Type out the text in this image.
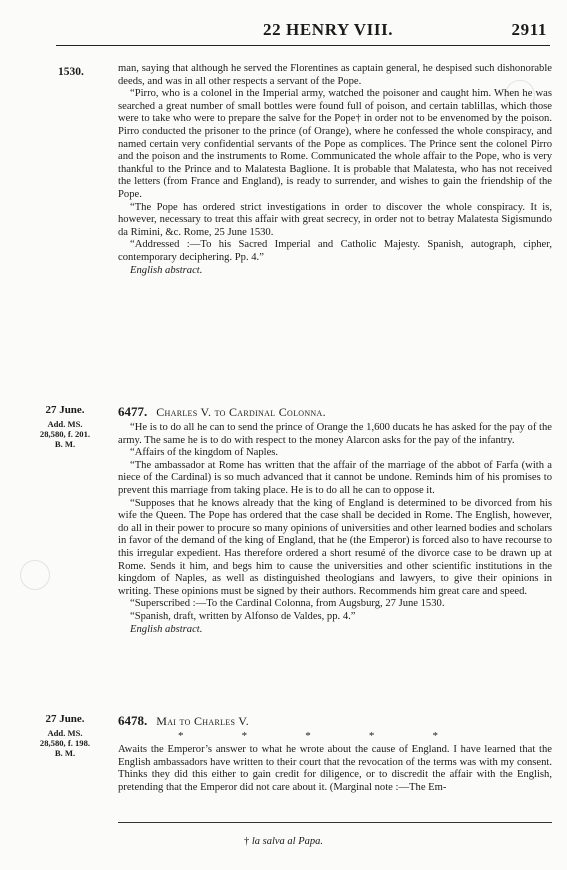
22 HENRY VIII.	2911
1530.	man, saying that although he served the Florentines as captain general, he despised such dishonorable deeds, and was in all other respects a servant of the Pope.

“Pirro, who is a colonel in the Imperial army, watched the poisoner and caught him. When he was searched a great number of small bottles were found full of poison, and certain tablillas, which those were to take who were to prepare the salve for the Pope† in order not to be envenomed by the poison. Pirro conducted the prisoner to the prince (of Orange), where he confessed the whole conspiracy, and named certain very confidential servants of the Pope as complices. The Prince sent the colonel Pirro and the poison and the instruments to Rome. Communicated the whole affair to the Pope, who is very thankful to the Prince and to Malatesta Baglione. It is probable that Malatesta, who has not received the letters (from France and England), is ready to surrender, and wishes to gain the friendship of the Pope.

“The Pope has ordered strict investigations in order to discover the whole conspiracy. It is, however, necessary to treat this affair with great secrecy, in order not to betray Malatesta Sigismundo da Rimini, &c. Rome, 25 June 1530.

“Addressed :—To his Sacred Imperial and Catholic Majesty. Spanish, autograph, cipher, contemporary deciphering. Pp. 4.”

English abstract.

27 June.
Add. MS.
28,580, f. 201.
B. M.
6477. Charles V. to Cardinal Colonna.

“He is to do all he can to send the prince of Orange the 1,600 ducats he has asked for the pay of the army. The same he is to do with respect to the money Alarcon asks for the pay of the infantry.

“Affairs of the kingdom of Naples.

“The ambassador at Rome has written that the affair of the marriage of the abbot of Farfa (with a niece of the Cardinal) is so much advanced that it cannot be undone. Reminds him of his promises to prevent this marriage from taking place. He is to do all he can to oppose it.

“Supposes that he knows already that the king of England is determined to be divorced from his wife the Queen. The Pope has ordered that the case shall be decided in Rome. The English, however, do all in their power to procure so many opinions of universities and other learned bodies and scholars in favor of the demand of the king of England, that he (the Emperor) is forced also to have recourse to this irregular expedient. Has therefore ordered a short resumé of the divorce case to be drawn up at Rome. Sends it him, and begs him to cause the universities and other scientific institutions in the kingdom of Naples, as well as distinguished theologians and lawyers, to give their opinions in writing. These opinions must be signed by their authors. Recommends him great care and speed.

“Superscribed :—To the Cardinal Colonna, from Augsburg, 27 June 1530.

“Spanish, draft, written by Alfonso de Valdes, pp. 4.”

English abstract.

27 June.
Add. MS.
28,580, f. 198.
B. M.
6478. Mai to Charles V.
*	*	*	*	*

Awaits the Emperor’s answer to what he wrote about the cause of England. I have learned that the English ambassadors have written to their court that the revocation of the terms was with my consent. Thinks they did this either to gain credit for diligence, or to discredit the affair with the English, pretending that the Emperor did not care about it. (Marginal note :—The Em-

† la salva al Papa.
